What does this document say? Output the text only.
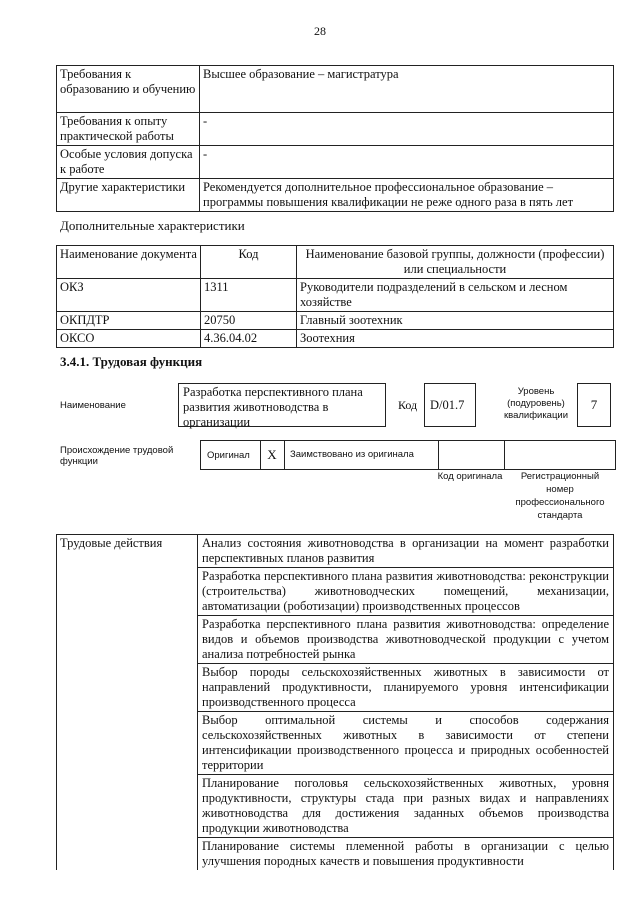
28
Требования к образованию и обучению	Высшее образование – магистратура
Требования к опыту практической работы	-
Особые условия допуска к работе	-
Другие характеристики	Рекомендуется дополнительное профессиональное образование – программы повышения квалификации не реже одного раза в пять лет
Дополнительные характеристики
Наименование документа	Код	Наименование базовой группы, должности (профессии) или специальности
ОКЗ	1311	Руководители подразделений в сельском и лесном хозяйстве
ОКПДТР	20750	Главный зоотехник
ОКСО	4.36.04.02	Зоотехния
3.4.1. Трудовая функция
Наименование
Разработка перспективного плана развития животноводства в организации
Код	D/01.7
Уровень (подуровень) квалификации
7
Происхождение трудовой функции
Оригинал	X	Заимствовано из оригинала
Код оригинала	Регистрационный номер профессионального стандарта
Трудовые действия	Анализ состояния животноводства в организации на момент разработки перспективных планов развития
Разработка перспективного плана развития животноводства: реконструкции (строительства) животноводческих помещений, механизации, автоматизации (роботизации) производственных процессов
Разработка перспективного плана развития животноводства: определение видов и объемов производства животноводческой продукции с учетом анализа потребностей рынка
Выбор породы сельскохозяйственных животных в зависимости от направлений продуктивности, планируемого уровня интенсификации производственного процесса
Выбор оптимальной системы и способов содержания сельскохозяйственных животных в зависимости от степени интенсификации производственного процесса и природных особенностей территории
Планирование поголовья сельскохозяйственных животных, уровня продуктивности, структуры стада при разных видах и направлениях животноводства для достижения заданных объемов производства продукции животноводства
Планирование системы племенной работы в организации с целью улучшения породных качеств и повышения продуктивности
